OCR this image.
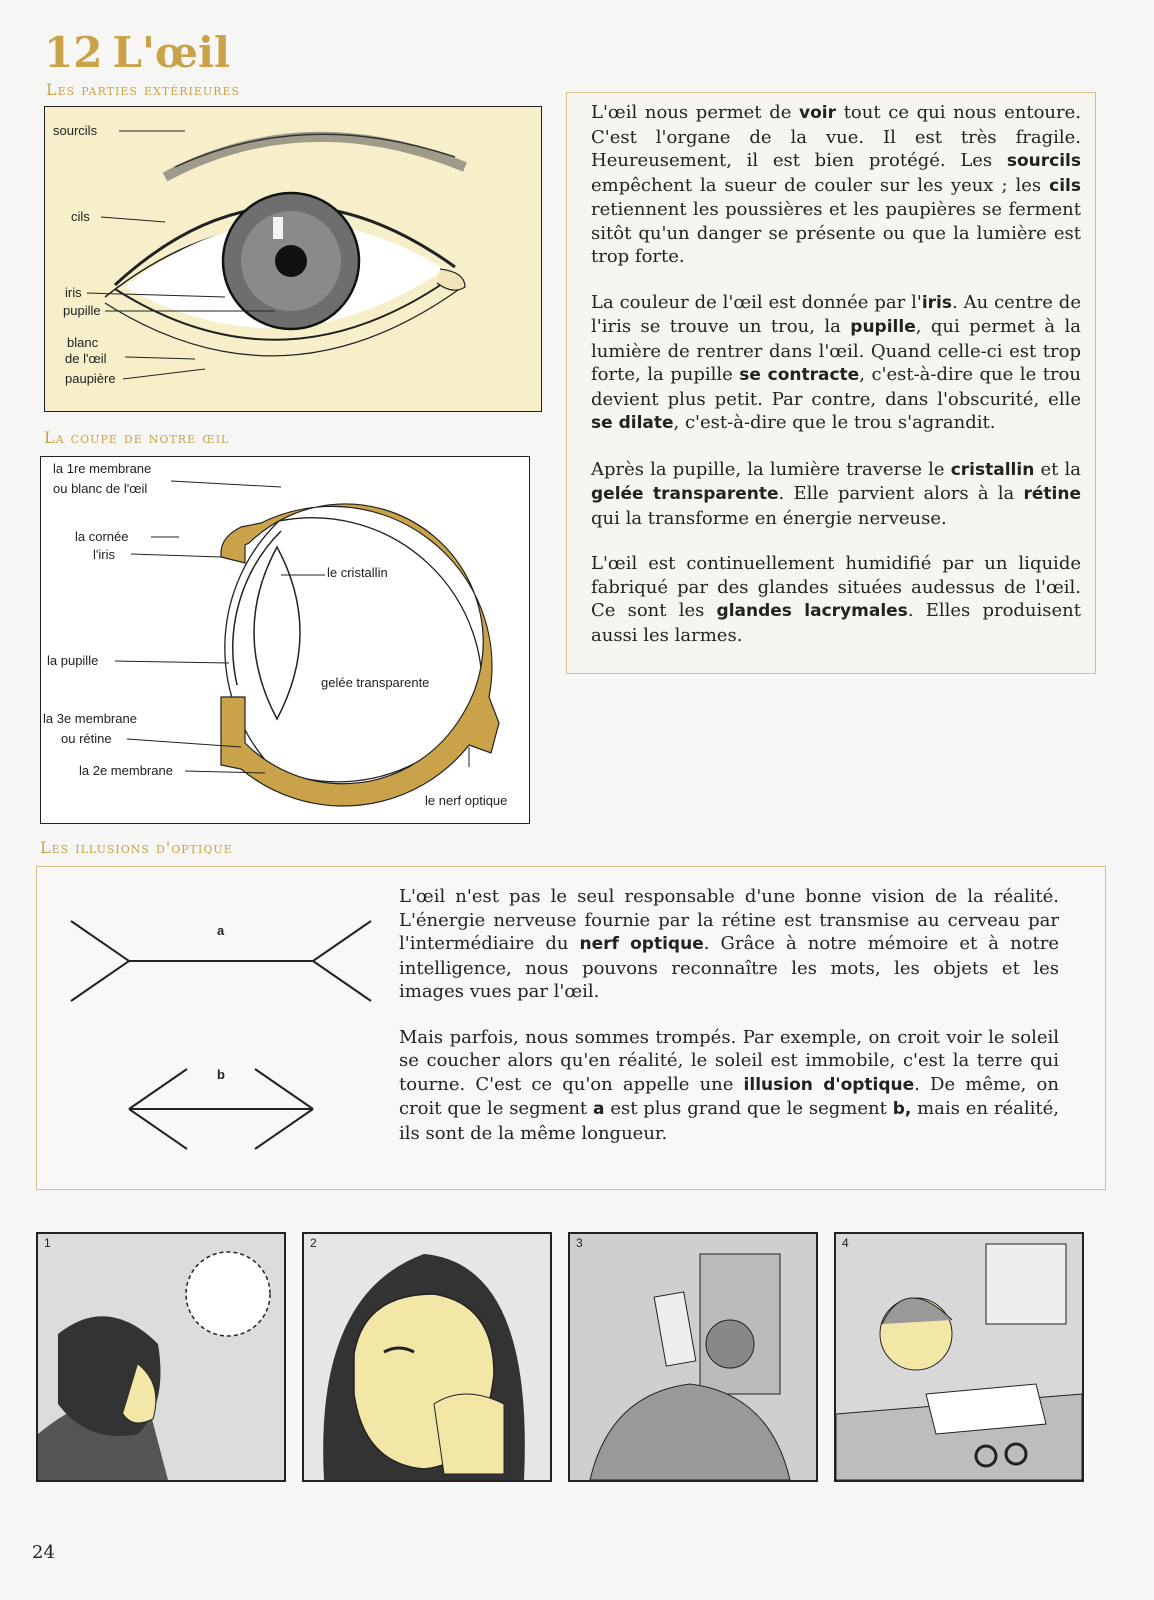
12 L'œil
Les parties extérieures
La coupe de notre œil
Les illusions d'optique
sourcils
cils
iris
pupille
blanc
de l'œil
paupière

L'œil nous permet de voir tout ce qui nous entoure. C'est l'organe de la vue. Il est très fragile. Heureusement, il est bien protégé. Les sourcils empêchent la sueur de couler sur les yeux ; les cils retiennent les poussières et les paupières se ferment sitôt qu'un danger se présente ou que la lumière est trop forte.

La couleur de l'œil est donnée par l'iris. Au centre de l'iris se trouve un trou, la pupille, qui permet à la lumière de rentrer dans l'œil. Quand celle-ci est trop forte, la pupille se contracte, c'est-à-dire que le trou devient plus petit. Par contre, dans l'obscurité, elle se dilate, c'est-à-dire que le trou s'agrandit.

Après la pupille, la lumière traverse le cristallin et la gelée transparente. Elle parvient alors à la rétine qui la transforme en énergie nerveuse.

L'œil est continuellement humidifié par un liquide fabriqué par des glandes situées audessus de l'œil. Ce sont les glandes lacrymales. Elles produisent aussi les larmes.

la 1re membrane
ou blanc de l'œil
la cornée
l'iris
le cristallin
la pupille
gelée transparente
la 3e membrane
ou rétine
la 2e membrane
le nerf optique
a
b

L'œil n'est pas le seul responsable d'une bonne vision de la réalité. L'énergie nerveuse fournie par la rétine est transmise au cerveau par l'intermédiaire du nerf optique. Grâce à notre mémoire et à notre intelligence, nous pouvons reconnaître les mots, les objets et les images vues par l'œil.

Mais parfois, nous sommes trompés. Par exemple, on croit voir le soleil se coucher alors qu'en réalité, le soleil est immobile, c'est la terre qui tourne. C'est ce qu'on appelle une illusion d'optique. De même, on croit que le segment a est plus grand que le segment b, mais en réalité, ils sont de la même longueur.

1	2	3	4
24
